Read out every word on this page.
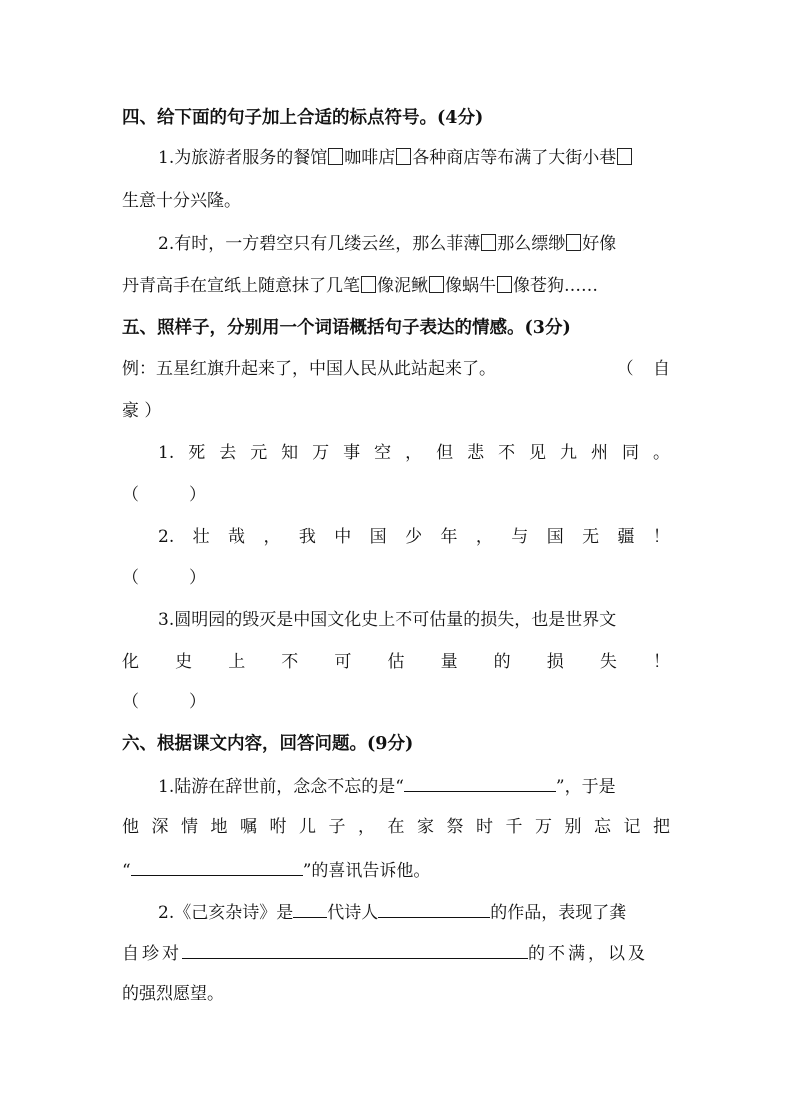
四、给下面的句子加上合适的标点符号。(4分)
1.为旅游者服务的餐馆 咖啡店 各种商店等布满了大街小巷
生意十分兴隆。
2.有时，一方碧空只有几缕云丝，那么菲薄 那么缥缈 好像
丹青高手在宣纸上随意抹了几笔 像泥鳅 像蜗牛 像苍狗……
五、照样子，分别用一个词语概括句子表达的情感。(3分)
例：五星红旗升起来了，中国人民从此站起来了。	（ 自
豪 ）
1. 死 去 元 知 万 事 空 ， 但 悲 不 见 九 州 同 。
（	）
2. 壮 哉 ， 我 中 国 少 年 ， 与 国 无 疆 ！
（	）
3.圆明园的毁灭是中国文化史上不可估量的损失，也是世界文
化 史 上 不 可 估 量 的 损 失 ！
（	）
六、根据课文内容，回答问题。(9分)
1.陆游在辞世前，念念不忘的是“	”，于是
他 深 情 地 嘱 咐 儿 子 ， 在 家 祭 时 千 万 别 忘 记 把
“	”的喜讯告诉他。
2.《己亥杂诗》是 代诗人	的作品，表现了龚
自珍对	的不满，以及
的强烈愿望。
